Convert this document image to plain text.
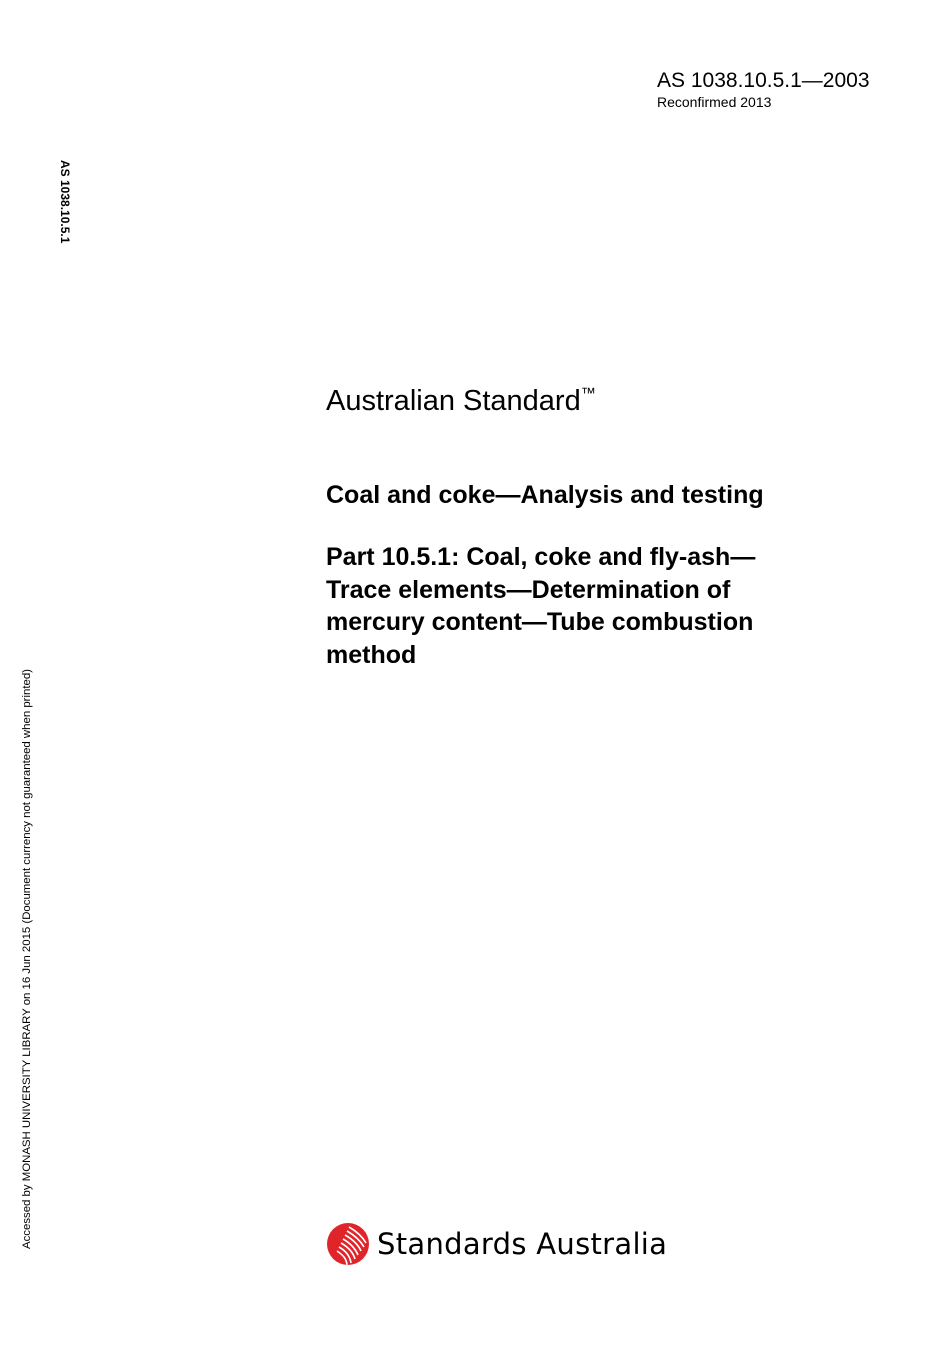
AS 1038.10.5.1—2003
Reconfirmed 2013
AS 1038.10.5.1
Accessed by MONASH UNIVERSITY LIBRARY on 16 Jun 2015 (Document currency not guaranteed when printed)
Australian Standard™
Coal and coke—Analysis and testing
Part 10.5.1: Coal, coke and fly-ash—
Trace elements—Determination of
mercury content—Tube combustion
method
Standards Australia
